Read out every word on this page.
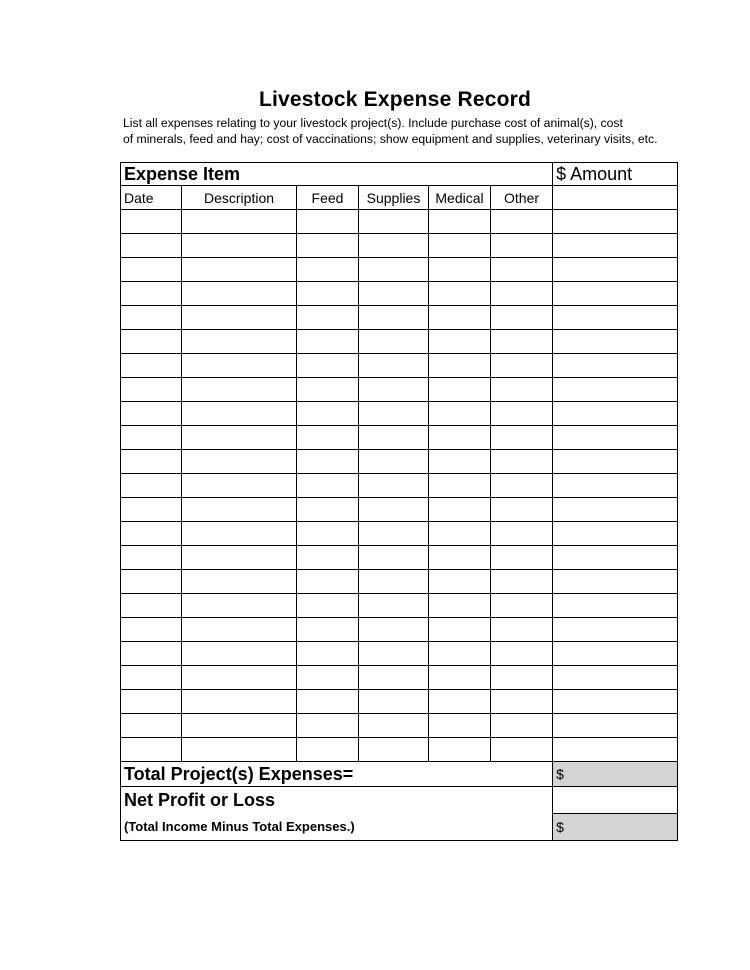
Livestock Expense Record
List all expenses relating to your livestock project(s). Include purchase cost of animal(s), cost
of minerals, feed and hay; cost of vaccinations; show equipment and supplies, veterinary visits, etc.
Expense Item						$ Amount
Date	Description	Feed	Supplies	Medical	Other	

Total Project(s) Expenses=						$
Net Profit or Loss						
(Total Income Minus Total Expenses.)						$
